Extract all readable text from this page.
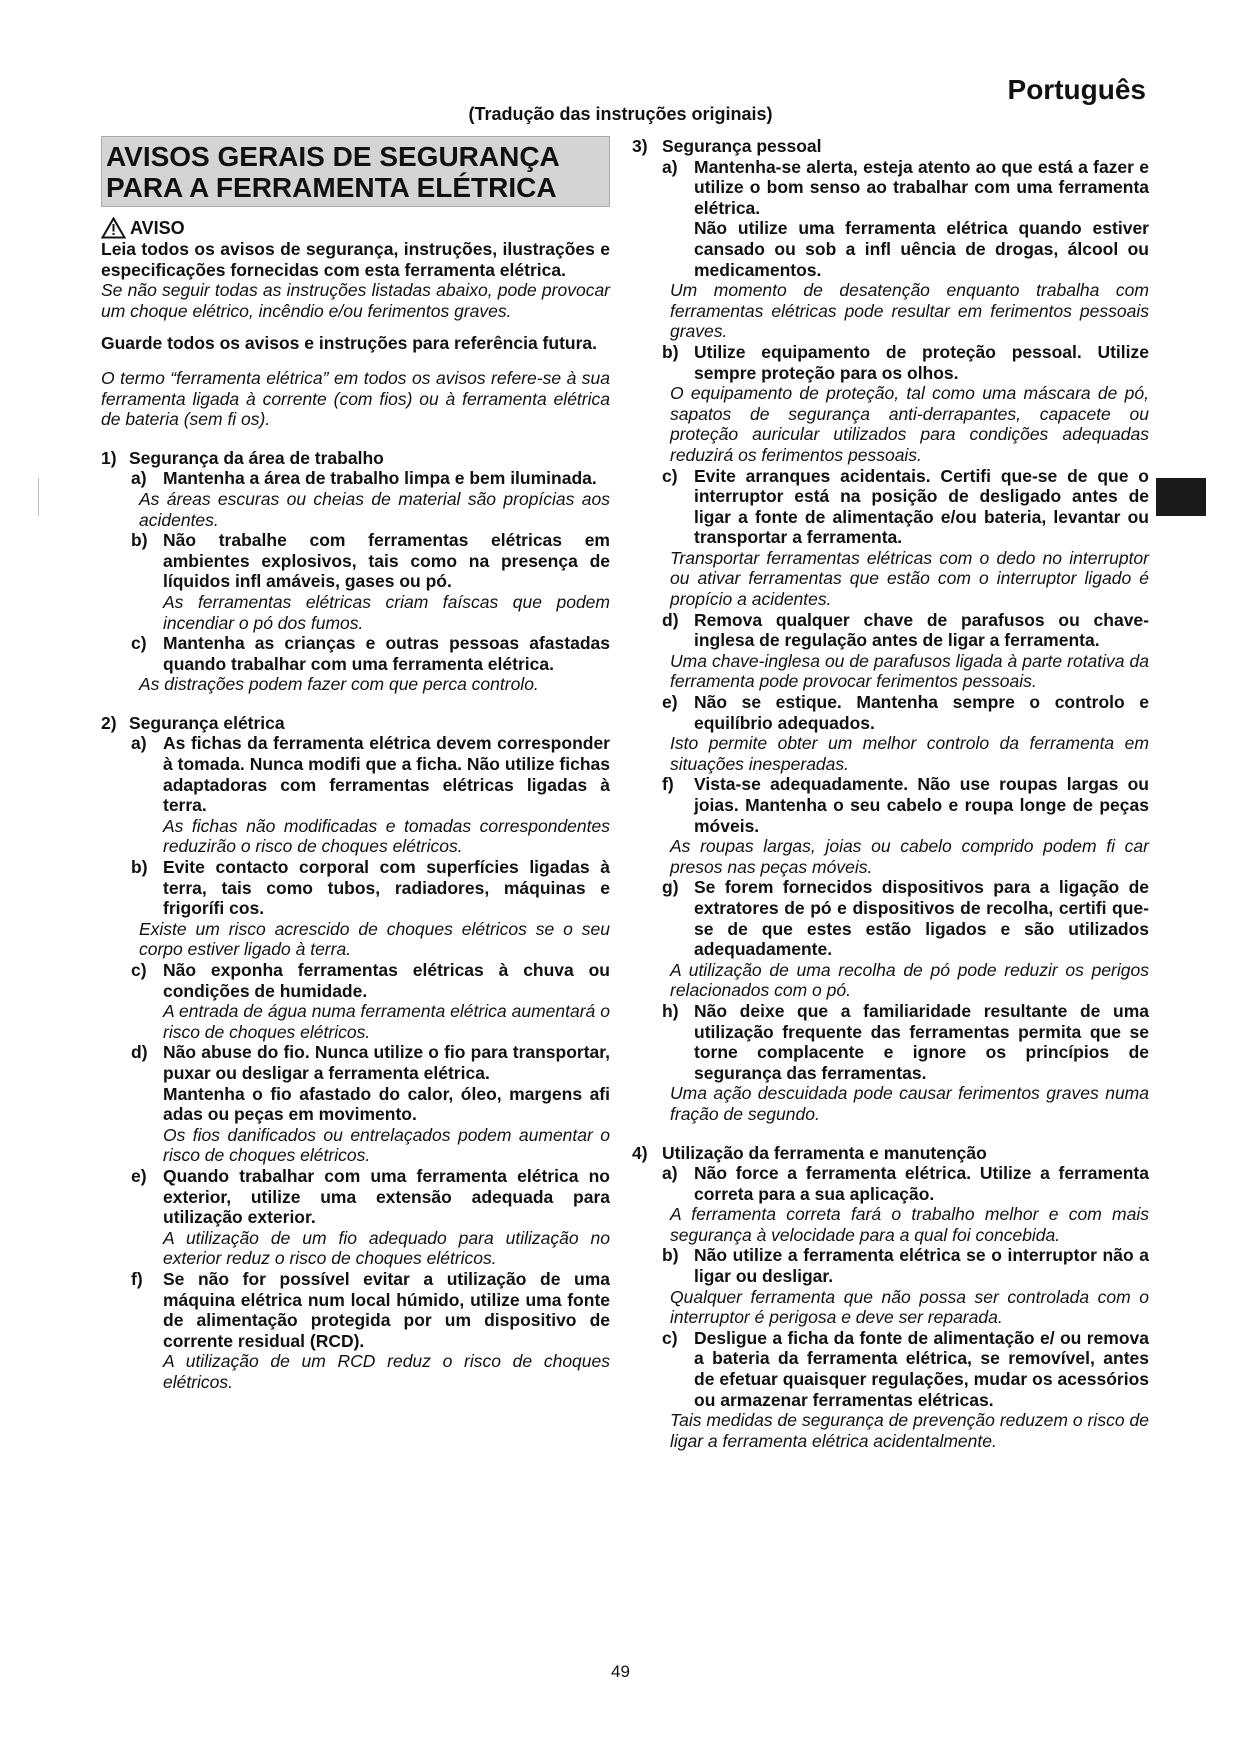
Português
(Tradução das instruções originais)
AVISOS GERAIS DE SEGURANÇA PARA A FERRAMENTA ELÉTRICA
AVISO
Leia todos os avisos de segurança, instruções, ilustrações e especificações fornecidas com esta ferramenta elétrica.
Se não seguir todas as instruções listadas abaixo, pode provocar um choque elétrico, incêndio e/ou ferimentos graves.
Guarde todos os avisos e instruções para referência futura.
O termo “ferramenta elétrica” em todos os avisos refere-se à sua ferramenta ligada à corrente (com fios) ou à ferramenta elétrica de bateria (sem fi os).
1) Segurança da área de trabalho
a) Mantenha a área de trabalho limpa e bem iluminada.
As áreas escuras ou cheias de material são propícias aos acidentes.
b) Não trabalhe com ferramentas elétricas em ambientes explosivos, tais como na presença de líquidos infl amáveis, gases ou pó.
As ferramentas elétricas criam faíscas que podem incendiar o pó dos fumos.
c) Mantenha as crianças e outras pessoas afastadas quando trabalhar com uma ferramenta elétrica.
As distrações podem fazer com que perca controlo.
2) Segurança elétrica
a) As fichas da ferramenta elétrica devem corresponder à tomada. Nunca modifi que a ficha. Não utilize fichas adaptadoras com ferramentas elétricas ligadas à terra.
As fichas não modificadas e tomadas correspondentes reduzirão o risco de choques elétricos.
b) Evite contacto corporal com superfícies ligadas à terra, tais como tubos, radiadores, máquinas e frigorífi cos.
Existe um risco acrescido de choques elétricos se o seu corpo estiver ligado à terra.
c) Não exponha ferramentas elétricas à chuva ou condições de humidade.
A entrada de água numa ferramenta elétrica aumentará o risco de choques elétricos.
d) Não abuse do fio. Nunca utilize o fio para transportar, puxar ou desligar a ferramenta elétrica.
Mantenha o fio afastado do calor, óleo, margens afi adas ou peças em movimento.
Os fios danificados ou entrelaçados podem aumentar o risco de choques elétricos.
e) Quando trabalhar com uma ferramenta elétrica no exterior, utilize uma extensão adequada para utilização exterior.
A utilização de um fio adequado para utilização no exterior reduz o risco de choques elétricos.
f)	Se não for possível evitar a utilização de uma máquina elétrica num local húmido, utilize uma fonte de alimentação protegida por um dispositivo de corrente residual (RCD).
A utilização de um RCD reduz o risco de choques elétricos.
3) Segurança pessoal
a) Mantenha-se alerta, esteja atento ao que está a fazer e utilize o bom senso ao trabalhar com uma ferramenta elétrica.
Não utilize uma ferramenta elétrica quando estiver cansado ou sob a infl uência de drogas, álcool ou medicamentos.
Um momento de desatenção enquanto trabalha com ferramentas elétricas pode resultar em ferimentos pessoais graves.
b) Utilize equipamento de proteção pessoal. Utilize sempre proteção para os olhos.
O equipamento de proteção, tal como uma máscara de pó, sapatos de segurança anti-derrapantes, capacete ou proteção auricular utilizados para condições adequadas reduzirá os ferimentos pessoais.
c) Evite arranques acidentais. Certifi que-se de que o interruptor está na posição de desligado antes de ligar a fonte de alimentação e/ou bateria, levantar ou transportar a ferramenta.
Transportar ferramentas elétricas com o dedo no interruptor ou ativar ferramentas que estão com o interruptor ligado é propício a acidentes.
d) Remova qualquer chave de parafusos ou chave-inglesa de regulação antes de ligar a ferramenta.
Uma chave-inglesa ou de parafusos ligada à parte rotativa da ferramenta pode provocar ferimentos pessoais.
e) Não se estique. Mantenha sempre o controlo e equilíbrio adequados.
Isto permite obter um melhor controlo da ferramenta em situações inesperadas.
f)	Vista-se adequadamente. Não use roupas largas ou joias. Mantenha o seu cabelo e roupa longe de peças móveis.
As roupas largas, joias ou cabelo comprido podem fi car presos nas peças móveis.
g) Se forem fornecidos dispositivos para a ligação de extratores de pó e dispositivos de recolha, certifi que-se de que estes estão ligados e são utilizados adequadamente.
A utilização de uma recolha de pó pode reduzir os perigos relacionados com o pó.
h) Não deixe que a familiaridade resultante de uma utilização frequente das ferramentas permita que se torne complacente e ignore os princípios de segurança das ferramentas.
Uma ação descuidada pode causar ferimentos graves numa fração de segundo.
4) Utilização da ferramenta e manutenção
a) Não force a ferramenta elétrica. Utilize a ferramenta correta para a sua aplicação.
A ferramenta correta fará o trabalho melhor e com mais segurança à velocidade para a qual foi concebida.
b) Não utilize a ferramenta elétrica se o interruptor não a ligar ou desligar.
Qualquer ferramenta que não possa ser controlada com o interruptor é perigosa e deve ser reparada.
c) Desligue a ficha da fonte de alimentação e/ ou remova a bateria da ferramenta elétrica, se removível, antes de efetuar quaisquer regulações, mudar os acessórios ou armazenar ferramentas elétricas.
Tais medidas de segurança de prevenção reduzem o risco de ligar a ferramenta elétrica acidentalmente.
49
